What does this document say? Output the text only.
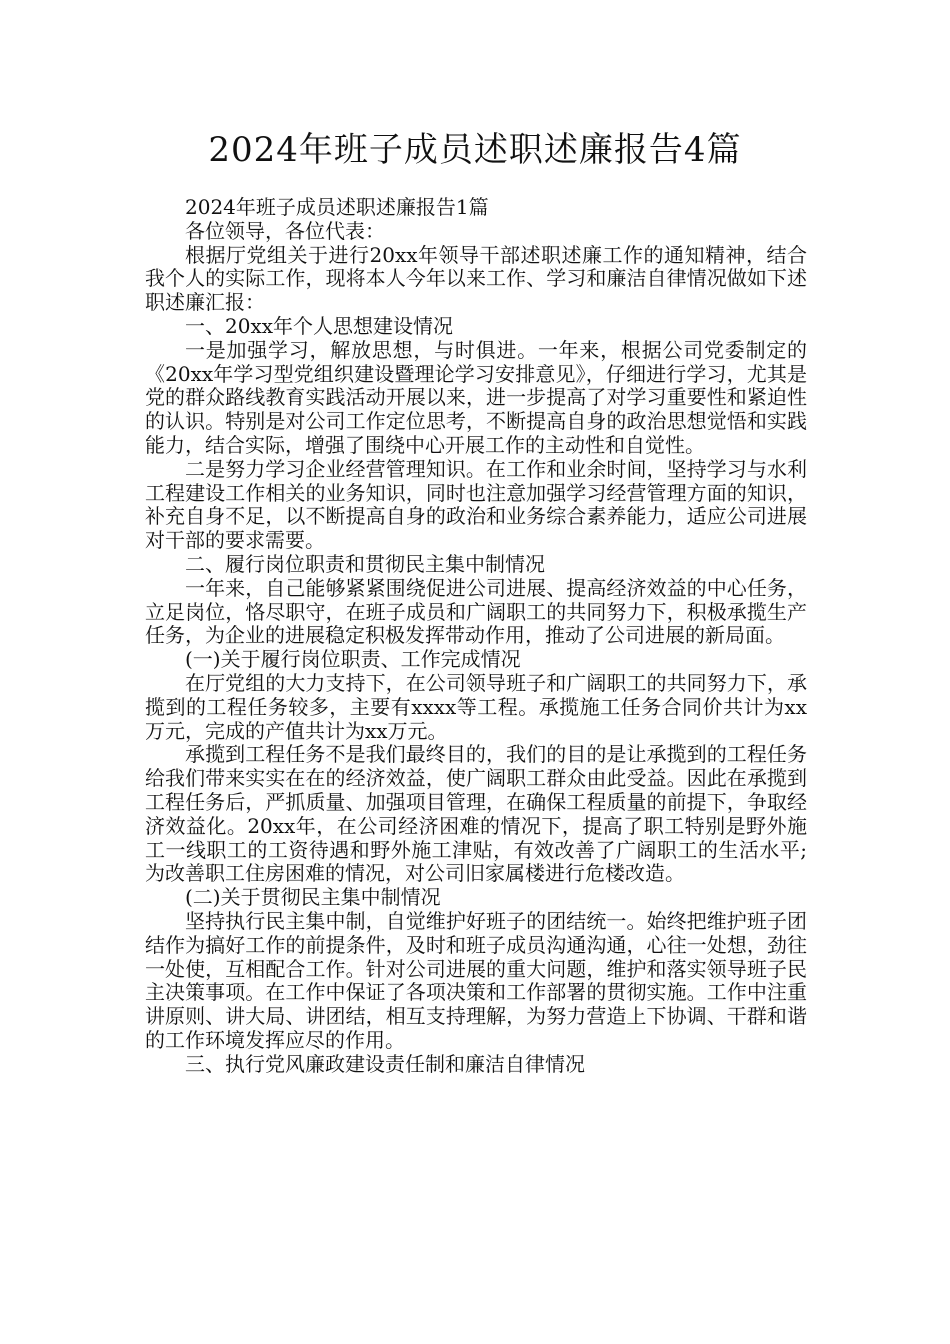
2024年班子成员述职述廉报告4篇

2024年班子成员述职述廉报告1篇

各位领导，各位代表：

根据厅党组关于进行20xx年领导干部述职述廉工作的通知精神，结合我个人的实际工作，现将本人今年以来工作、学习和廉洁自律情况做如下述职述廉汇报：

一、20xx年个人思想建设情况

一是加强学习，解放思想，与时俱进。一年来，根据公司党委制定的《20xx年学习型党组织建设暨理论学习安排意见》，仔细进行学习，尤其是党的群众路线教育实践活动开展以来，进一步提高了对学习重要性和紧迫性的认识。特别是对公司工作定位思考，不断提高自身的政治思想觉悟和实践能力，结合实际，增强了围绕中心开展工作的主动性和自觉性。

二是努力学习企业经营管理知识。在工作和业余时间，坚持学习与水利工程建设工作相关的业务知识，同时也注意加强学习经营管理方面的知识，补充自身不足，以不断提高自身的政治和业务综合素养能力，适应公司进展对干部的要求需要。

二、履行岗位职责和贯彻民主集中制情况

一年来，自己能够紧紧围绕促进公司进展、提高经济效益的中心任务，立足岗位，恪尽职守，在班子成员和广阔职工的共同努力下，积极承揽生产任务，为企业的进展稳定积极发挥带动作用，推动了公司进展的新局面。

(一)关于履行岗位职责、工作完成情况

在厅党组的大力支持下，在公司领导班子和广阔职工的共同努力下，承揽到的工程任务较多，主要有xxxx等工程。承揽施工任务合同价共计为xx万元，完成的产值共计为xx万元。

承揽到工程任务不是我们最终目的，我们的目的是让承揽到的工程任务给我们带来实实在在的经济效益，使广阔职工群众由此受益。因此在承揽到工程任务后，严抓质量、加强项目管理，在确保工程质量的前提下，争取经济效益化。20xx年，在公司经济困难的情况下，提高了职工特别是野外施工一线职工的工资待遇和野外施工津贴，有效改善了广阔职工的生活水平;为改善职工住房困难的情况，对公司旧家属楼进行危楼改造。

(二)关于贯彻民主集中制情况

坚持执行民主集中制，自觉维护好班子的团结统一。始终把维护班子团结作为搞好工作的前提条件，及时和班子成员沟通沟通，心往一处想，劲往一处使，互相配合工作。针对公司进展的重大问题，维护和落实领导班子民主决策事项。在工作中保证了各项决策和工作部署的贯彻实施。工作中注重讲原则、讲大局、讲团结，相互支持理解，为努力营造上下协调、干群和谐的工作环境发挥应尽的作用。

三、执行党风廉政建设责任制和廉洁自律情况
